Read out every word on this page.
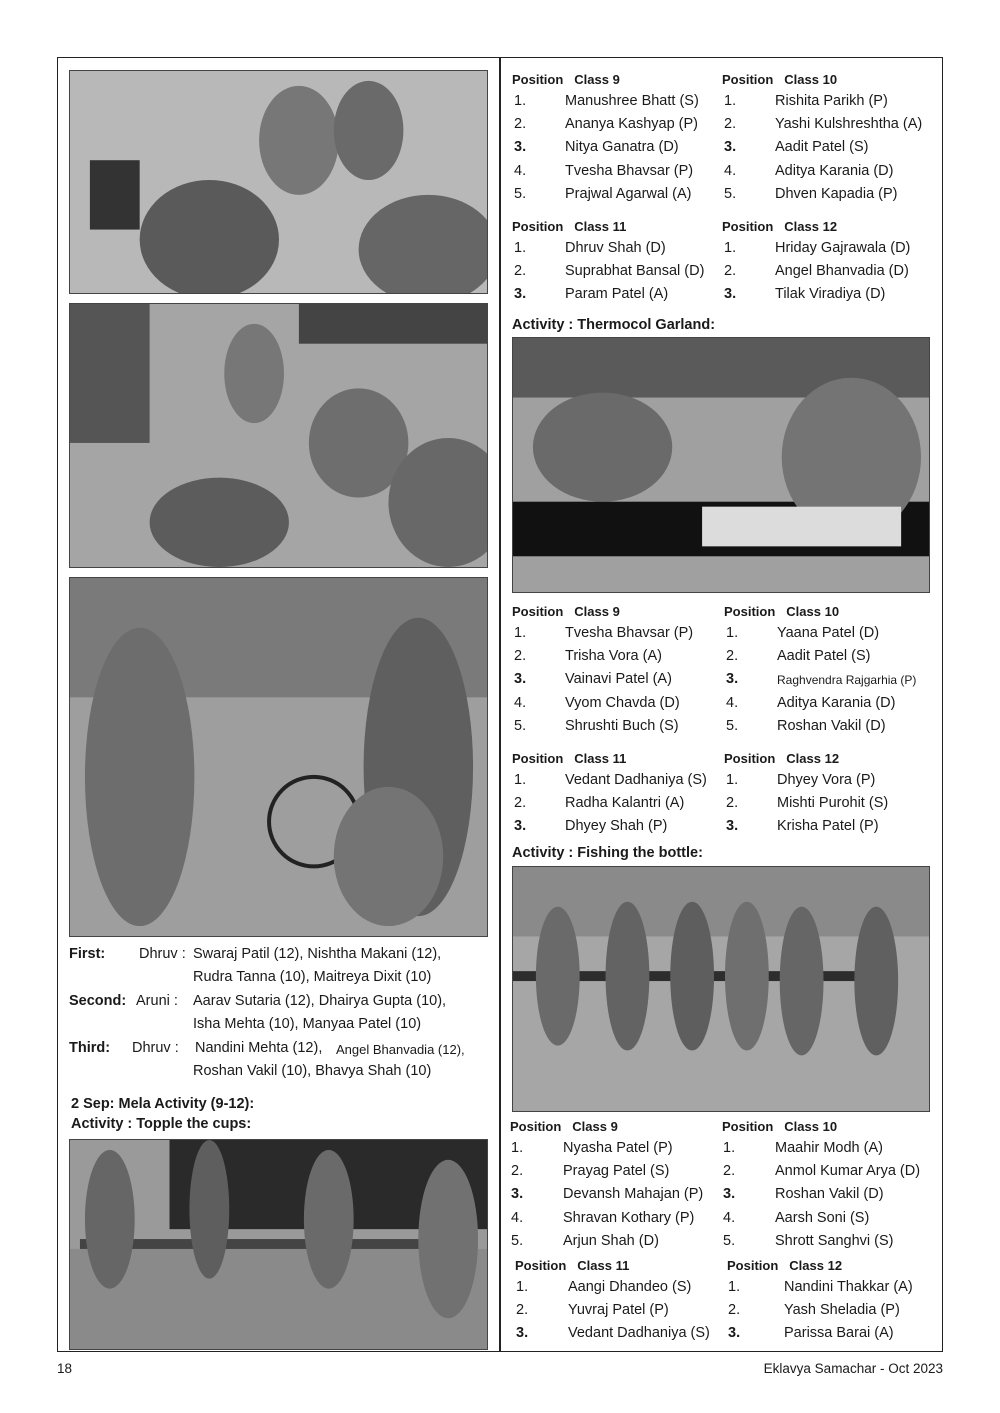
First: Dhruv : Swaraj Patil (12), Nishtha Makani (12),
Rudra Tanna (10), Maitreya Dixit (10)
Second: Aruni : Aarav Sutaria (12), Dhairya Gupta (10),
Isha Mehta (10), Manyaa Patel (10)
Third: Dhruv : Nandini Mehta (12), Angel Bhanvadia (12),
Roshan Vakil (10), Bhavya Shah (10)
2 Sep: Mela Activity (9-12):
Activity : Topple the cups:
Position Class 9
1.	Manushree Bhatt (S)
2.	Ananya Kashyap (P)
3.	Nitya Ganatra (D)
4.	Tvesha Bhavsar (P)
5.	Prajwal Agarwal (A)
Position Class 10
1.	Rishita Parikh (P)
2.	Yashi Kulshreshtha (A)
3.	Aadit Patel (S)
4.	Aditya Karania (D)
5.	Dhven Kapadia (P)
Position Class 11
1.	Dhruv Shah (D)
2.	Suprabhat Bansal (D)
3.	Param Patel (A)
Position Class 12
1.	Hriday Gajrawala (D)
2.	Angel Bhanvadia (D)
3.	Tilak Viradiya (D)
Activity : Thermocol Garland:
Position Class 9
1.	Tvesha Bhavsar (P)
2.	Trisha Vora (A)
3.	Vainavi Patel (A)
4.	Vyom Chavda (D)
5.	Shrushti Buch (S)
Position Class 10
1.	Yaana Patel (D)
2.	Aadit Patel (S)
3.	Raghvendra Rajgarhia (P)
4.	Aditya Karania (D)
5.	Roshan Vakil (D)
Position Class 11
1.	Vedant Dadhaniya (S)
2.	Radha Kalantri (A)
3.	Dhyey Shah (P)
Position Class 12
1.	Dhyey Vora (P)
2.	Mishti Purohit (S)
3.	Krisha Patel (P)
Activity : Fishing the bottle:
Position Class 9
1.	Nyasha Patel (P)
2.	Prayag Patel (S)
3.	Devansh Mahajan (P)
4.	Shravan Kothary (P)
5.	Arjun Shah (D)
Position Class 10
1.	Maahir Modh (A)
2.	Anmol Kumar Arya (D)
3.	Roshan Vakil (D)
4.	Aarsh Soni (S)
5.	Shrott Sanghvi (S)
Position Class 11
1.	Aangi Dhandeo (S)
2.	Yuvraj Patel (P)
3.	Vedant Dadhaniya (S)
Position Class 12
1.	Nandini Thakkar (A)
2.	Yash Sheladia (P)
3.	Parissa Barai (A)
18	Eklavya Samachar - Oct 2023
